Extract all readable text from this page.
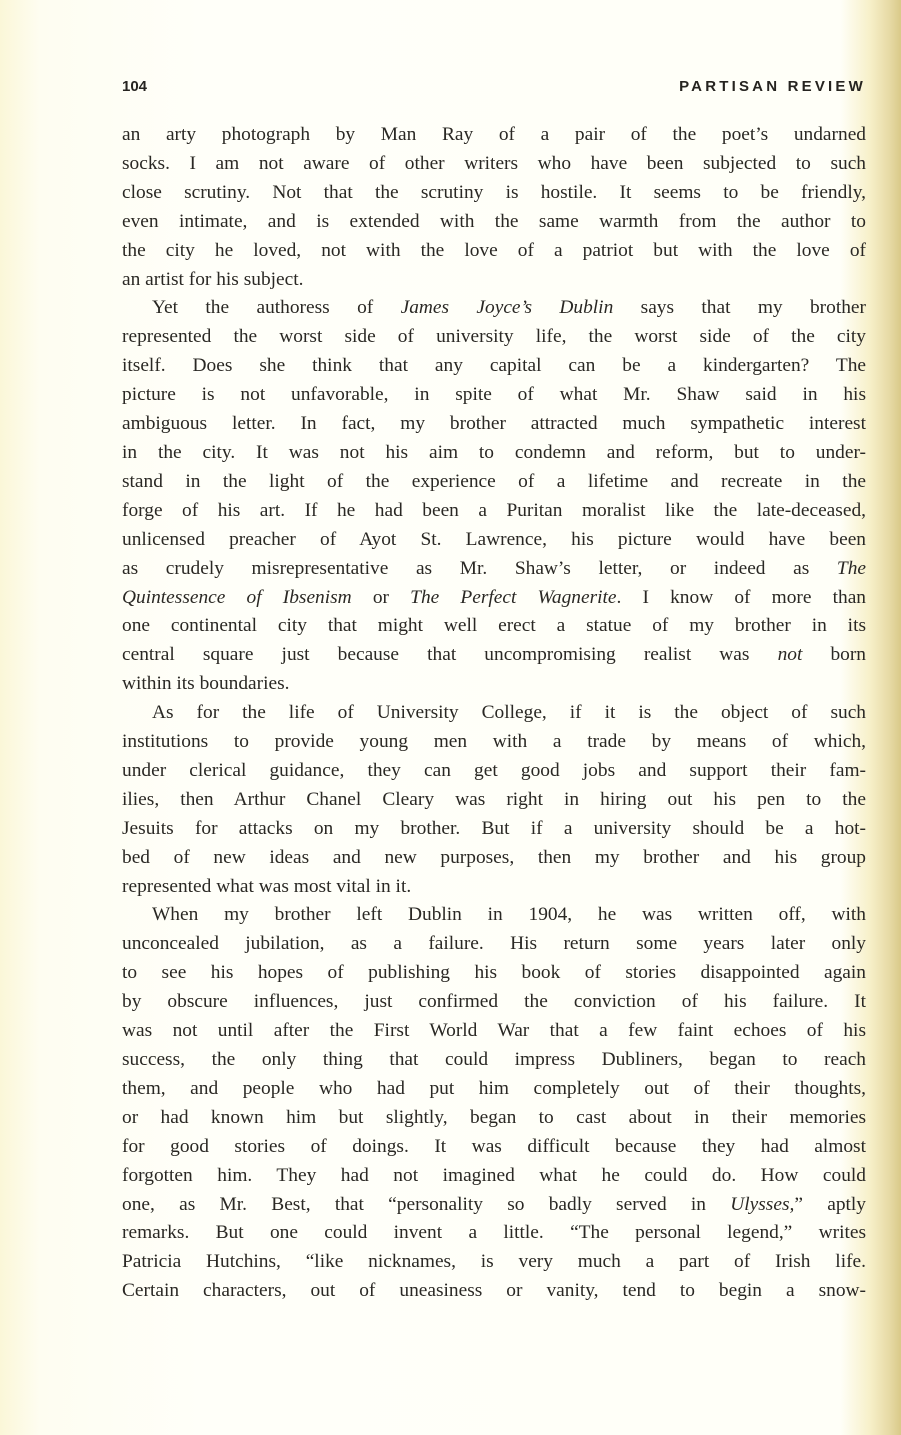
104	PARTISAN REVIEW
an arty photograph by Man Ray of a pair of the poet’s undarned
socks. I am not aware of other writers who have been subjected to such
close scrutiny. Not that the scrutiny is hostile. It seems to be friendly,
even intimate, and is extended with the same warmth from the author to
the city he loved, not with the love of a patriot but with the love of
an artist for his subject.
Yet the authoress of James Joyce’s Dublin says that my brother
represented the worst side of university life, the worst side of the city
itself. Does she think that any capital can be a kindergarten? The
picture is not unfavorable, in spite of what Mr. Shaw said in his
ambiguous letter. In fact, my brother attracted much sympathetic interest
in the city. It was not his aim to condemn and reform, but to under-
stand in the light of the experience of a lifetime and recreate in the
forge of his art. If he had been a Puritan moralist like the late-deceased,
unlicensed preacher of Ayot St. Lawrence, his picture would have been
as crudely misrepresentative as Mr. Shaw’s letter, or indeed as The
Quintessence of Ibsenism or The Perfect Wagnerite. I know of more than
one continental city that might well erect a statue of my brother in its
central square just because that uncompromising realist was not born
within its boundaries.
As for the life of University College, if it is the object of such
institutions to provide young men with a trade by means of which,
under clerical guidance, they can get good jobs and support their fam-
ilies, then Arthur Chanel Cleary was right in hiring out his pen to the
Jesuits for attacks on my brother. But if a university should be a hot-
bed of new ideas and new purposes, then my brother and his group
represented what was most vital in it.
When my brother left Dublin in 1904, he was written off, with
unconcealed jubilation, as a failure. His return some years later only
to see his hopes of publishing his book of stories disappointed again
by obscure influences, just confirmed the conviction of his failure. It
was not until after the First World War that a few faint echoes of his
success, the only thing that could impress Dubliners, began to reach
them, and people who had put him completely out of their thoughts,
or had known him but slightly, began to cast about in their memories
for good stories of doings. It was difficult because they had almost
forgotten him. They had not imagined what he could do. How could
one, as Mr. Best, that “personality so badly served in Ulysses,” aptly
remarks. But one could invent a little. “The personal legend,” writes
Patricia Hutchins, “like nicknames, is very much a part of Irish life.
Certain characters, out of uneasiness or vanity, tend to begin a snow-
